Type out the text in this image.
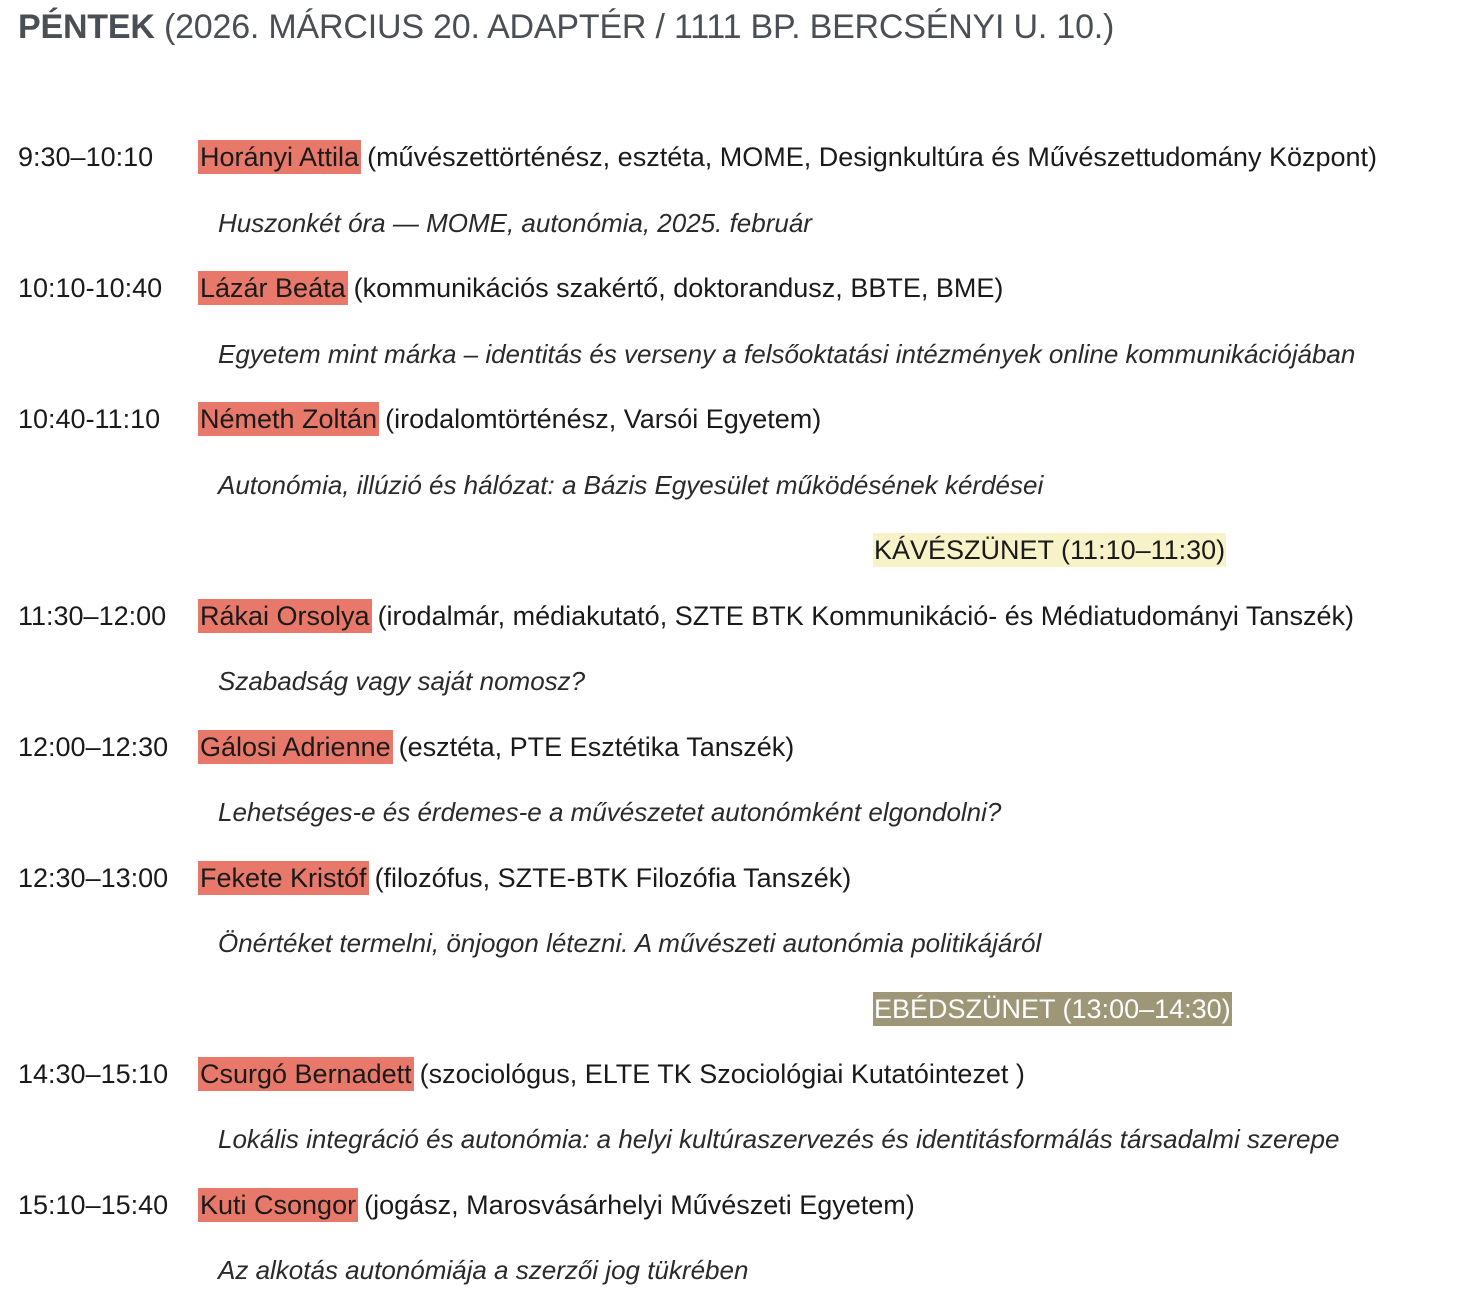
PÉNTEK (2026. MÁRCIUS 20. ADAPTÉR / 1111 BP. BERCSÉNYI U. 10.)
9:30–10:10	Horányi Attila (művészettörténész, esztéta, MOME, Designkultúra és Művészettudomány Központ)
Huszonkét óra — MOME, autonómia, 2025. február
10:10-10:40	Lázár Beáta (kommunikációs szakértő, doktorandusz, BBTE, BME)
Egyetem mint márka – identitás és verseny a felsőoktatási intézmények online kommunikációjában
10:40-11:10	Németh Zoltán (irodalomtörténész, Varsói Egyetem)
Autonómia, illúzió és hálózat: a Bázis Egyesület működésének kérdései
KÁVÉSZÜNET (11:10–11:30)
11:30–12:00	Rákai Orsolya (irodalmár, médiakutató, SZTE BTK Kommunikáció- és Médiatudományi Tanszék)
Szabadság vagy saját nomosz?
12:00–12:30	Gálosi Adrienne (esztéta, PTE Esztétika Tanszék)
Lehetséges-e és érdemes-e a művészetet autonómként elgondolni?
12:30–13:00	Fekete Kristóf (filozófus, SZTE-BTK Filozófia Tanszék)
Önértéket termelni, önjogon létezni. A művészeti autonómia politikájáról
EBÉDSZÜNET (13:00–14:30)
14:30–15:10	Csurgó Bernadett (szociológus, ELTE TK Szociológiai Kutatóintezet )
Lokális integráció és autonómia: a helyi kultúraszervezés és identitásformálás társadalmi szerepe
15:10–15:40	Kuti Csongor (jogász, Marosvásárhelyi Művészeti Egyetem)
Az alkotás autonómiája a szerzői jog tükrében
